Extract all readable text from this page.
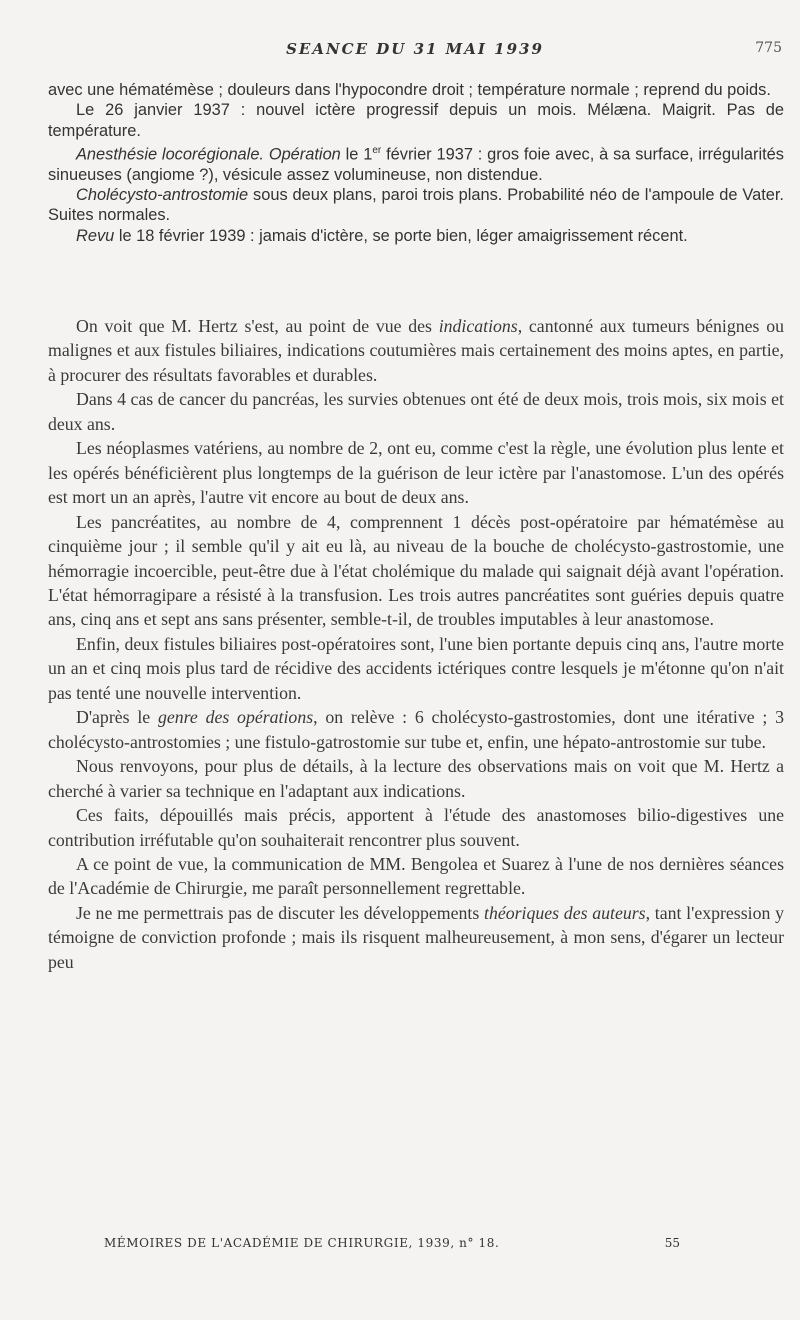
SEANCE DU 31 MAI 1939	775

avec une hématémèse ; douleurs dans l'hypocondre droit ; température normale ; reprend du poids.

Le 26 janvier 1937 : nouvel ictère progressif depuis un mois. Mélæna. Maigrit. Pas de température.

Anesthésie locorégionale. Opération le 1er février 1937 : gros foie avec, à sa surface, irrégularités sinueuses (angiome ?), vésicule assez volumineuse, non distendue.

Cholécysto-antrostomie sous deux plans, paroi trois plans. Probabilité néo de l'ampoule de Vater. Suites normales.

Revu le 18 février 1939 : jamais d'ictère, se porte bien, léger amaigrissement récent.

On voit que M. Hertz s'est, au point de vue des indications, cantonné aux tumeurs bénignes ou malignes et aux fistules biliaires, indications coutumières mais certainement des moins aptes, en partie, à procurer des résultats favorables et durables.

Dans 4 cas de cancer du pancréas, les survies obtenues ont été de deux mois, trois mois, six mois et deux ans.

Les néoplasmes vatériens, au nombre de 2, ont eu, comme c'est la règle, une évolution plus lente et les opérés bénéficièrent plus longtemps de la guérison de leur ictère par l'anastomose. L'un des opérés est mort un an après, l'autre vit encore au bout de deux ans.

Les pancréatites, au nombre de 4, comprennent 1 décès post-opératoire par hématémèse au cinquième jour ; il semble qu'il y ait eu là, au niveau de la bouche de cholécysto-gastrostomie, une hémorragie incoercible, peut-être due à l'état cholémique du malade qui saignait déjà avant l'opération. L'état hémorragipare a résisté à la transfusion. Les trois autres pancréatites sont guéries depuis quatre ans, cinq ans et sept ans sans présenter, semble-t-il, de troubles imputables à leur anastomose.

Enfin, deux fistules biliaires post-opératoires sont, l'une bien portante depuis cinq ans, l'autre morte un an et cinq mois plus tard de récidive des accidents ictériques contre lesquels je m'étonne qu'on n'ait pas tenté une nouvelle intervention.

D'après le genre des opérations, on relève : 6 cholécysto-gastrostomies, dont une itérative ; 3 cholécysto-antrostomies ; une fistulo-gatrostomie sur tube et, enfin, une hépato-antrostomie sur tube.

Nous renvoyons, pour plus de détails, à la lecture des observations mais on voit que M. Hertz a cherché à varier sa technique en l'adaptant aux indications.

Ces faits, dépouillés mais précis, apportent à l'étude des anastomoses bilio-digestives une contribution irréfutable qu'on souhaiterait rencontrer plus souvent.

A ce point de vue, la communication de MM. Bengolea et Suarez à l'une de nos dernières séances de l'Académie de Chirurgie, me paraît personnellement regrettable.

Je ne me permettrais pas de discuter les développements théoriques des auteurs, tant l'expression y témoigne de conviction profonde ; mais ils risquent malheureusement, à mon sens, d'égarer un lecteur peu

MÉMOIRES DE L'ACADÉMIE DE CHIRURGIE, 1939, n° 18.	55
